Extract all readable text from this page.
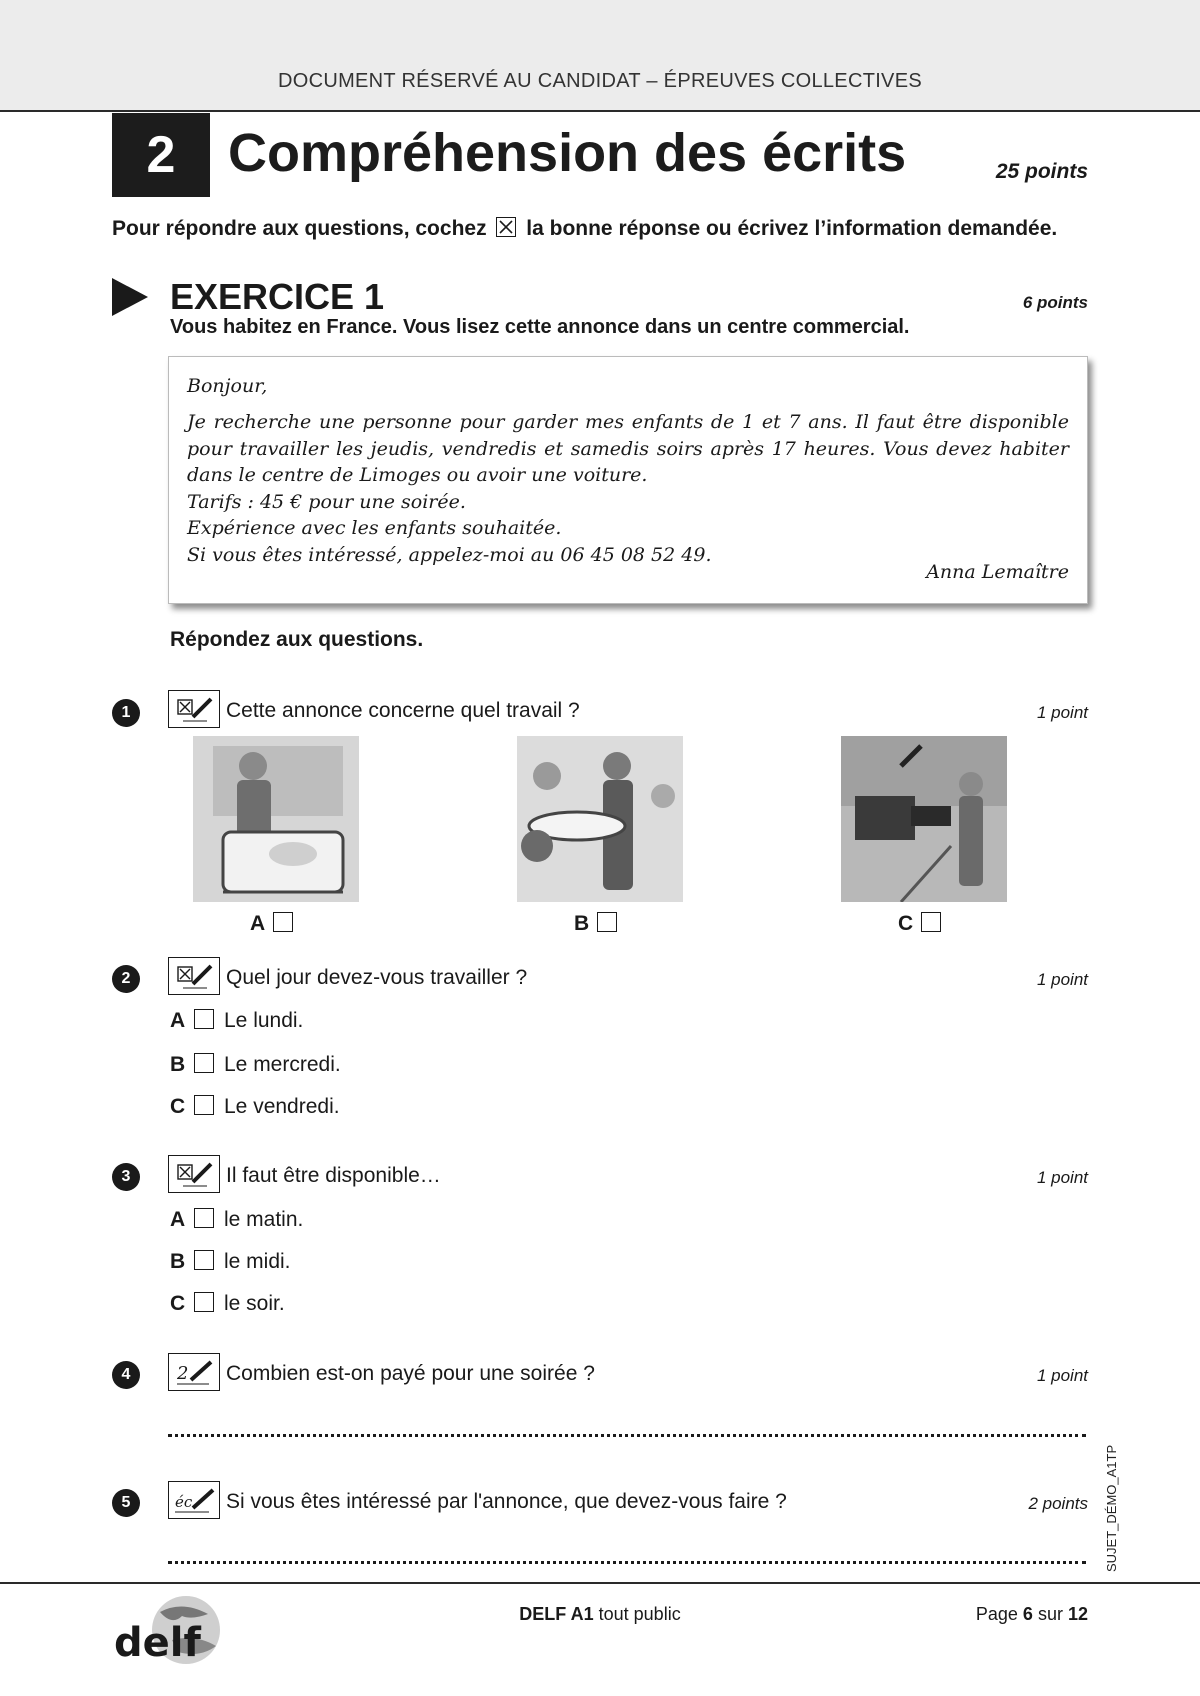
DOCUMENT RÉSERVÉ AU CANDIDAT – ÉPREUVES COLLECTIVES
2 Compréhension des écrits	25 points
Pour répondre aux questions, cochez la bonne réponse ou écrivez l’information demandée.
EXERCICE 1	6 points
Vous habitez en France. Vous lisez cette annonce dans un centre commercial.
Bonjour,
Je recherche une personne pour garder mes enfants de 1 et 7 ans. Il faut être disponible pour travailler les jeudis, vendredis et samedis soirs après 17 heures. Vous devez habiter dans le centre de Limoges ou avoir une voiture.
Tarifs : 45 € pour une soirée.
Expérience avec les enfants souhaitée.
Si vous êtes intéressé, appelez-moi au 06 45 08 52 49.
Anna Lemaître
Répondez aux questions.
1	Cette annonce concerne quel travail ?	1 point
A	B	C
2	Quel jour devez-vous travailler ?	1 point
A Le lundi.
B Le mercredi.
C Le vendredi.
3	Il faut être disponible…	1 point
A le matin.
B le midi.
C le soir.
4	2 Combien est-on payé pour une soirée ?	1 point
5	éc Si vous êtes intéressé par l'annonce, que devez-vous faire ?	2 points SUJET_DÉMO_A1TP
delf
DELF A1 tout public	Page 6 sur 12
